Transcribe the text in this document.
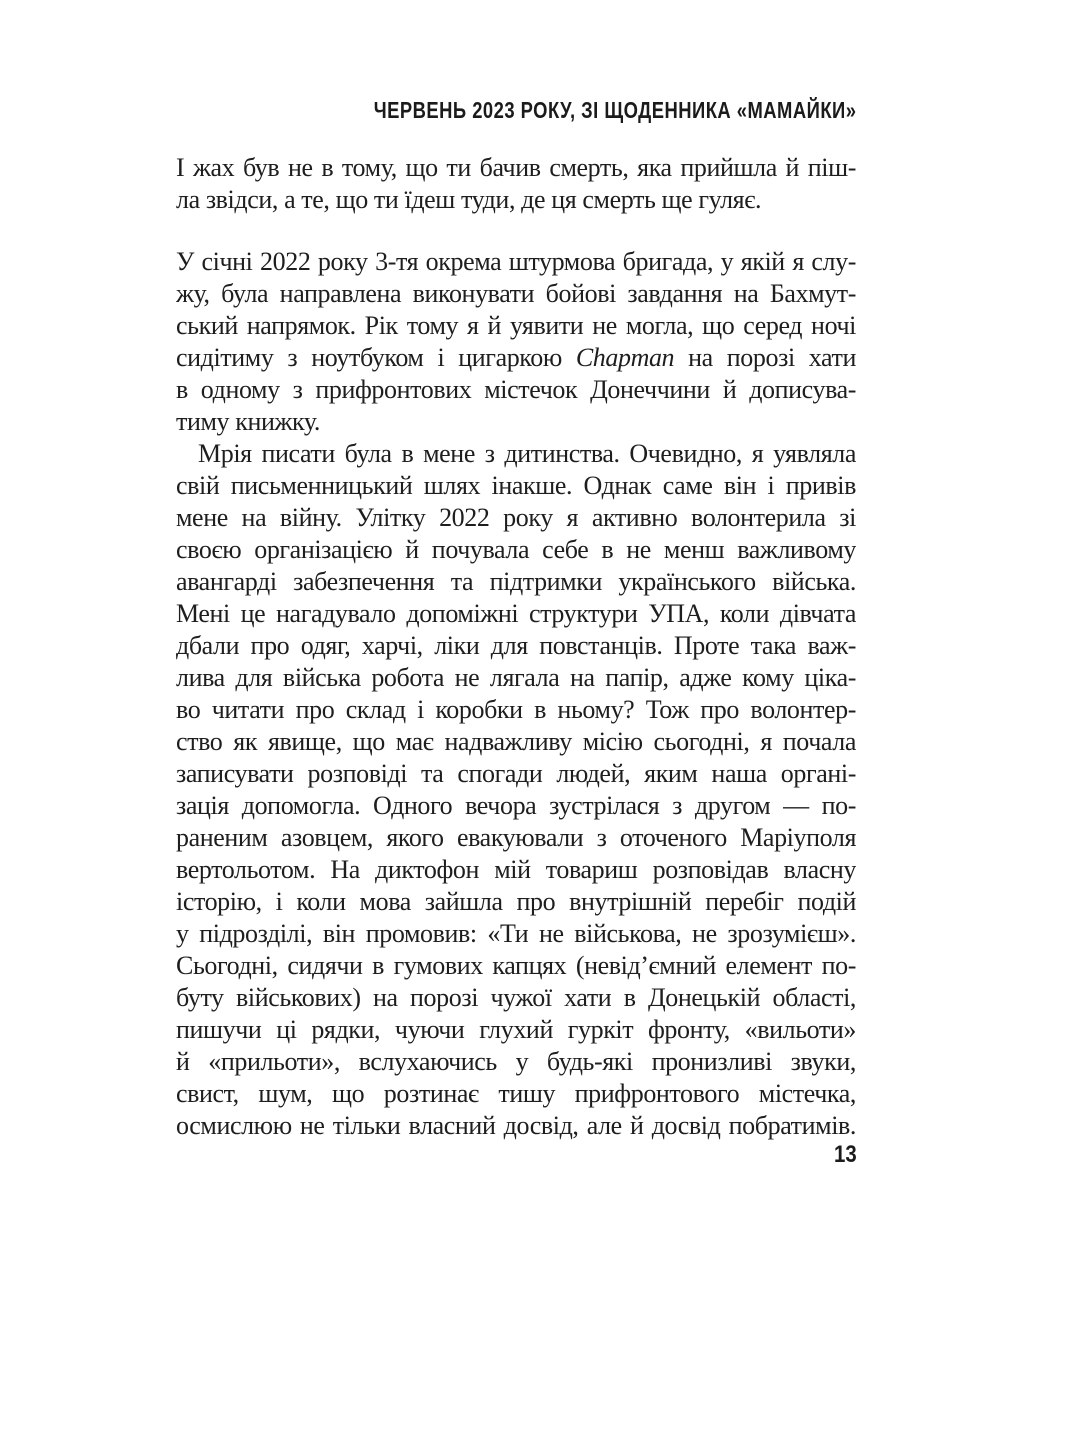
ЧЕРВЕНЬ 2023 РОКУ, ЗІ ЩОДЕННИКА «МАМАЙКИ»
І жах був не в тому, що ти бачив смерть, яка прийшла й піш-
ла звідси, а те, що ти їдеш туди, де ця смерть ще гуляє.
У січні 2022 року 3-тя окрема штурмова бригада, у якій я слу-
жу, була направлена виконувати бойові завдання на Бахмут-
ський напрямок. Рік тому я й уявити не могла, що серед ночі
сидітиму з ноутбуком і цигаркою Chapman на порозі хати
в одному з прифронтових містечок Донеччини й дописува-
тиму книжку.
Мрія писати була в мене з дитинства. Очевидно, я уявляла
свій письменницький шлях інакше. Однак саме він і привів
мене на війну. Улітку 2022 року я активно волонтерила зі
своєю організацією й почувала себе в не менш важливому
авангарді забезпечення та підтримки українського війська.
Мені це нагадувало допоміжні структури УПА, коли дівчата
дбали про одяг, харчі, ліки для повстанців. Проте така важ-
лива для війська робота не лягала на папір, адже кому ціка-
во читати про склад і коробки в ньому? Тож про волонтер-
ство як явище, що має надважливу місію сьогодні, я почала
записувати розповіді та спогади людей, яким наша органі-
зація допомогла. Одного вечора зустрілася з другом — по-
раненим азовцем, якого евакуювали з оточеного Маріуполя
вертольотом. На диктофон мій товариш розповідав власну
історію, і коли мова зайшла про внутрішній перебіг подій
у підрозділі, він промовив: «Ти не військова, не зрозумієш».
Сьогодні, сидячи в гумових капцях (невід’ємний елемент по-
буту військових) на порозі чужої хати в Донецькій області,
пишучи ці рядки, чуючи глухий гуркіт фронту, «вильоти»
й «прильоти», вслухаючись у будь-які пронизливі звуки,
свист, шум, що розтинає тишу прифронтового містечка,
осмислюю не тільки власний досвід, але й досвід побратимів.
13
